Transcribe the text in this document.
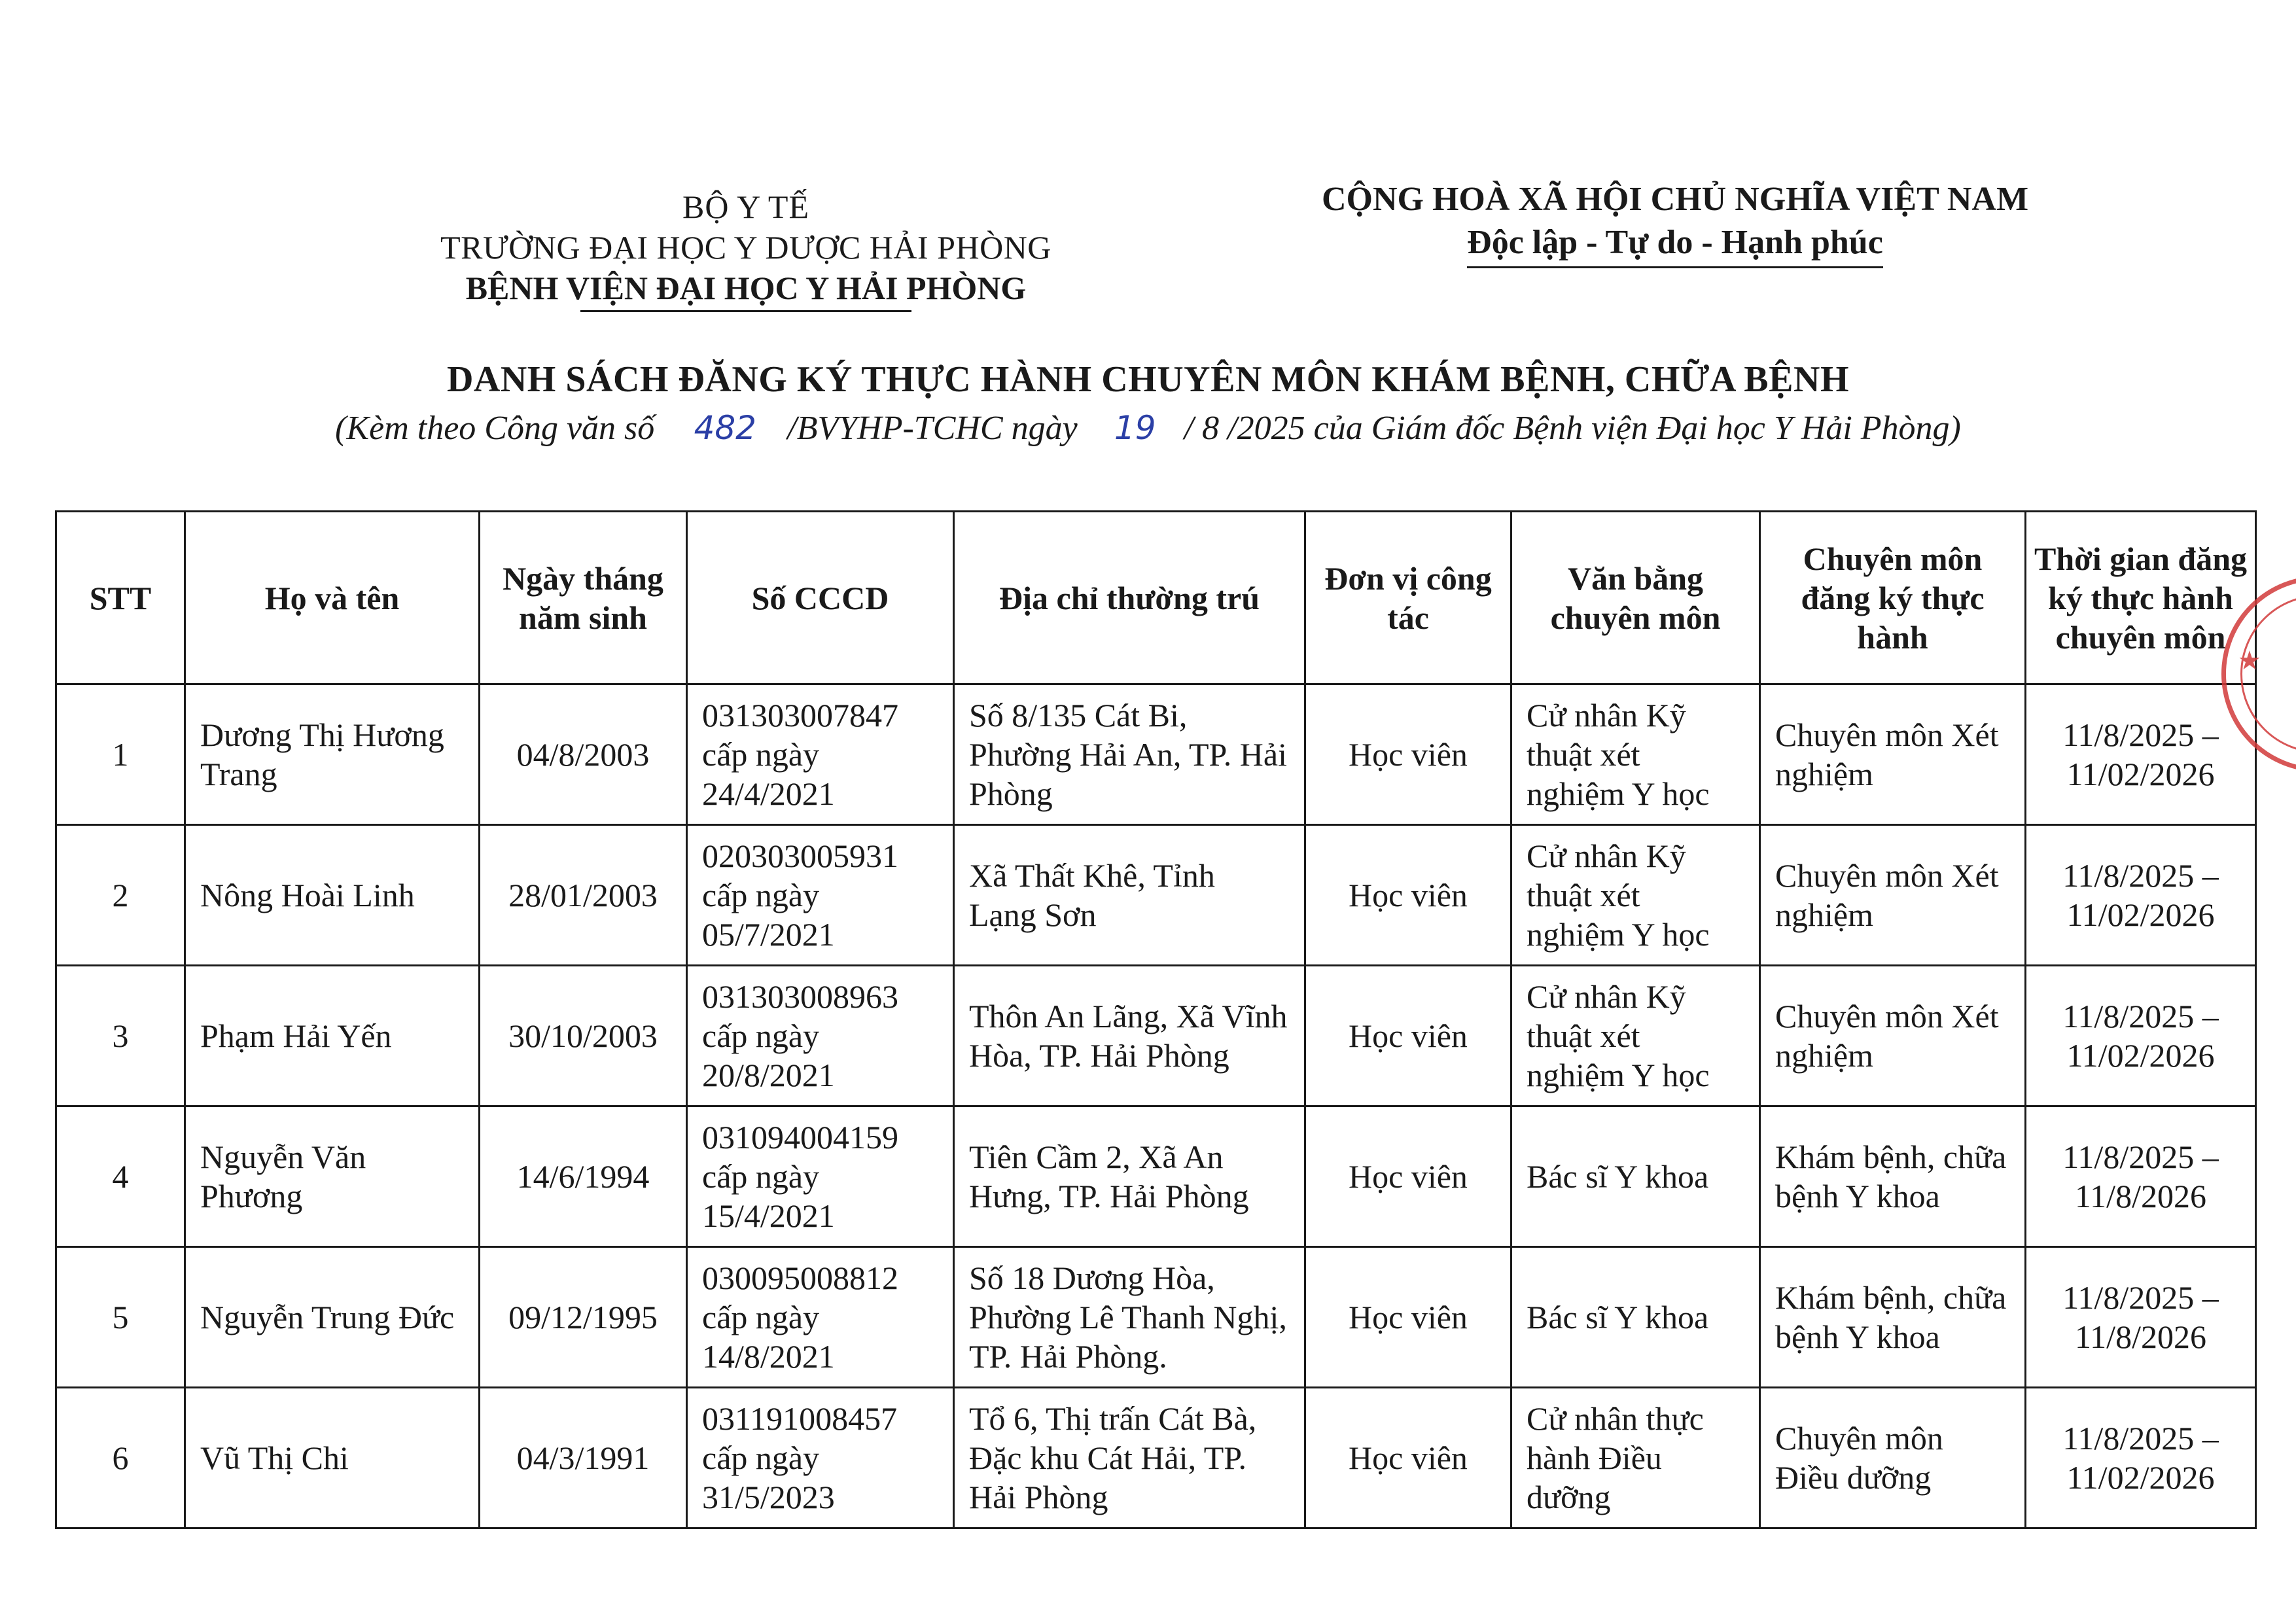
BỘ Y TẾ
TRƯỜNG ĐẠI HỌC Y DƯỢC HẢI PHÒNG
BỆNH VIỆN ĐẠI HỌC Y HẢI PHÒNG
CỘNG HOÀ XÃ HỘI CHỦ NGHĨA VIỆT NAM
Độc lập - Tự do - Hạnh phúc
DANH SÁCH ĐĂNG KÝ THỰC HÀNH CHUYÊN MÔN KHÁM BỆNH, CHỮA BỆNH
(Kèm theo Công văn số 482 /BVYHP-TCHC ngày 19 / 8 /2025 của Giám đốc Bệnh viện Đại học Y Hải Phòng)
STT	Họ và tên	Ngày tháng năm sinh	Số CCCD	Địa chỉ thường trú	Đơn vị công tác	Văn bằng chuyên môn	Chuyên môn đăng ký thực hành	Thời gian đăng ký thực hành chuyên môn
1	Dương Thị Hương Trang	04/8/2003	031303007847 cấp ngày 24/4/2021	Số 8/135 Cát Bi, Phường Hải An, TP. Hải Phòng	Học viên	Cử nhân Kỹ thuật xét nghiệm Y học	Chuyên môn Xét nghiệm	11/8/2025 – 11/02/2026
2	Nông Hoài Linh	28/01/2003	020303005931 cấp ngày 05/7/2021	Xã Thất Khê, Tỉnh Lạng Sơn	Học viên	Cử nhân Kỹ thuật xét nghiệm Y học	Chuyên môn Xét nghiệm	11/8/2025 – 11/02/2026
3	Phạm Hải Yến	30/10/2003	031303008963 cấp ngày 20/8/2021	Thôn An Lãng, Xã Vĩnh Hòa, TP. Hải Phòng	Học viên	Cử nhân Kỹ thuật xét nghiệm Y học	Chuyên môn Xét nghiệm	11/8/2025 – 11/02/2026
4	Nguyễn Văn Phương	14/6/1994	031094004159 cấp ngày 15/4/2021	Tiên Cầm 2, Xã An Hưng, TP. Hải Phòng	Học viên	Bác sĩ Y khoa	Khám bệnh, chữa bệnh Y khoa	11/8/2025 – 11/8/2026
5	Nguyễn Trung Đức	09/12/1995	030095008812 cấp ngày 14/8/2021	Số 18 Dương Hòa, Phường Lê Thanh Nghị, TP. Hải Phòng.	Học viên	Bác sĩ Y khoa	Khám bệnh, chữa bệnh Y khoa	11/8/2025 – 11/8/2026
6	Vũ Thị Chi	04/3/1991	031191008457 cấp ngày 31/5/2023	Tổ 6, Thị trấn Cát Bà, Đặc khu Cát Hải, TP. Hải Phòng	Học viên	Cử nhân thực hành Điều dưỡng	Chuyên môn Điều dưỡng	11/8/2025 – 11/02/2026
★
